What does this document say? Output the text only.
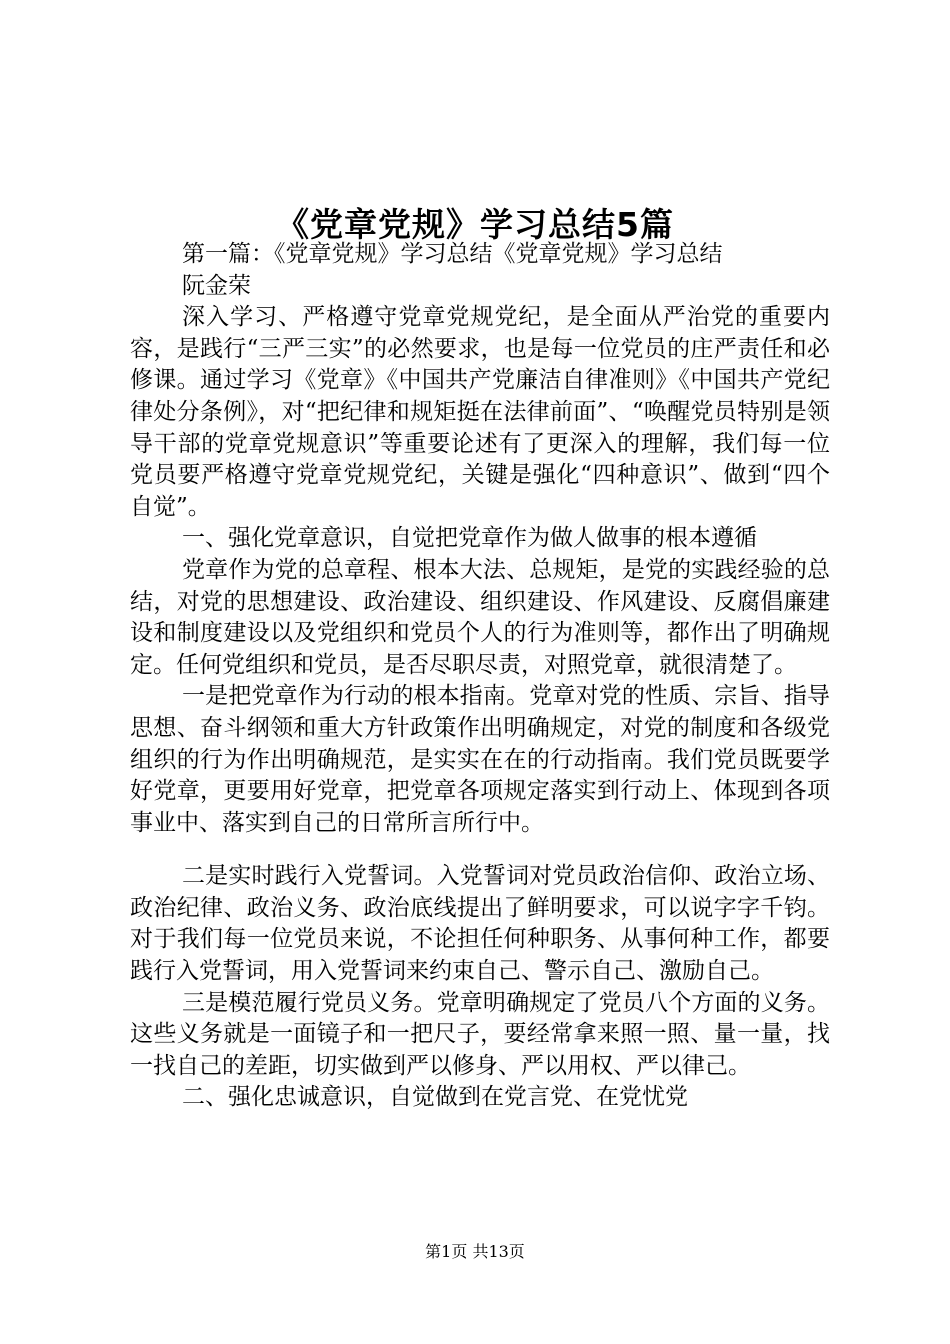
《党章党规》学习总结5篇

第一篇：《党章党规》学习总结《党章党规》学习总结

阮金荣

深入学习、严格遵守党章党规党纪，是全面从严治党的重要内容，是践行“三严三实”的必然要求，也是每一位党员的庄严责任和必修课。通过学习《党章》《中国共产党廉洁自律准则》《中国共产党纪律处分条例》，对“把纪律和规矩挺在法律前面”、“唤醒党员特别是领导干部的党章党规意识”等重要论述有了更深入的理解，我们每一位党员要严格遵守党章党规党纪，关键是强化“四种意识”、做到“四个自觉”。

一、强化党章意识，自觉把党章作为做人做事的根本遵循

党章作为党的总章程、根本大法、总规矩，是党的实践经验的总结，对党的思想建设、政治建设、组织建设、作风建设、反腐倡廉建设和制度建设以及党组织和党员个人的行为准则等，都作出了明确规定。任何党组织和党员，是否尽职尽责，对照党章，就很清楚了。

一是把党章作为行动的根本指南。党章对党的性质、宗旨、指导思想、奋斗纲领和重大方针政策作出明确规定，对党的制度和各级党组织的行为作出明确规范，是实实在在的行动指南。我们党员既要学好党章，更要用好党章，把党章各项规定落实到行动上、体现到各项事业中、落实到自己的日常所言所行中。

二是实时践行入党誓词。入党誓词对党员政治信仰、政治立场、政治纪律、政治义务、政治底线提出了鲜明要求，可以说字字千钧。对于我们每一位党员来说，不论担任何种职务、从事何种工作，都要践行入党誓词，用入党誓词来约束自己、警示自己、激励自己。

三是模范履行党员义务。党章明确规定了党员八个方面的义务。这些义务就是一面镜子和一把尺子，要经常拿来照一照、量一量，找一找自己的差距，切实做到严以修身、严以用权、严以律己。

二、强化忠诚意识，自觉做到在党言党、在党忧党

第1页 共13页
